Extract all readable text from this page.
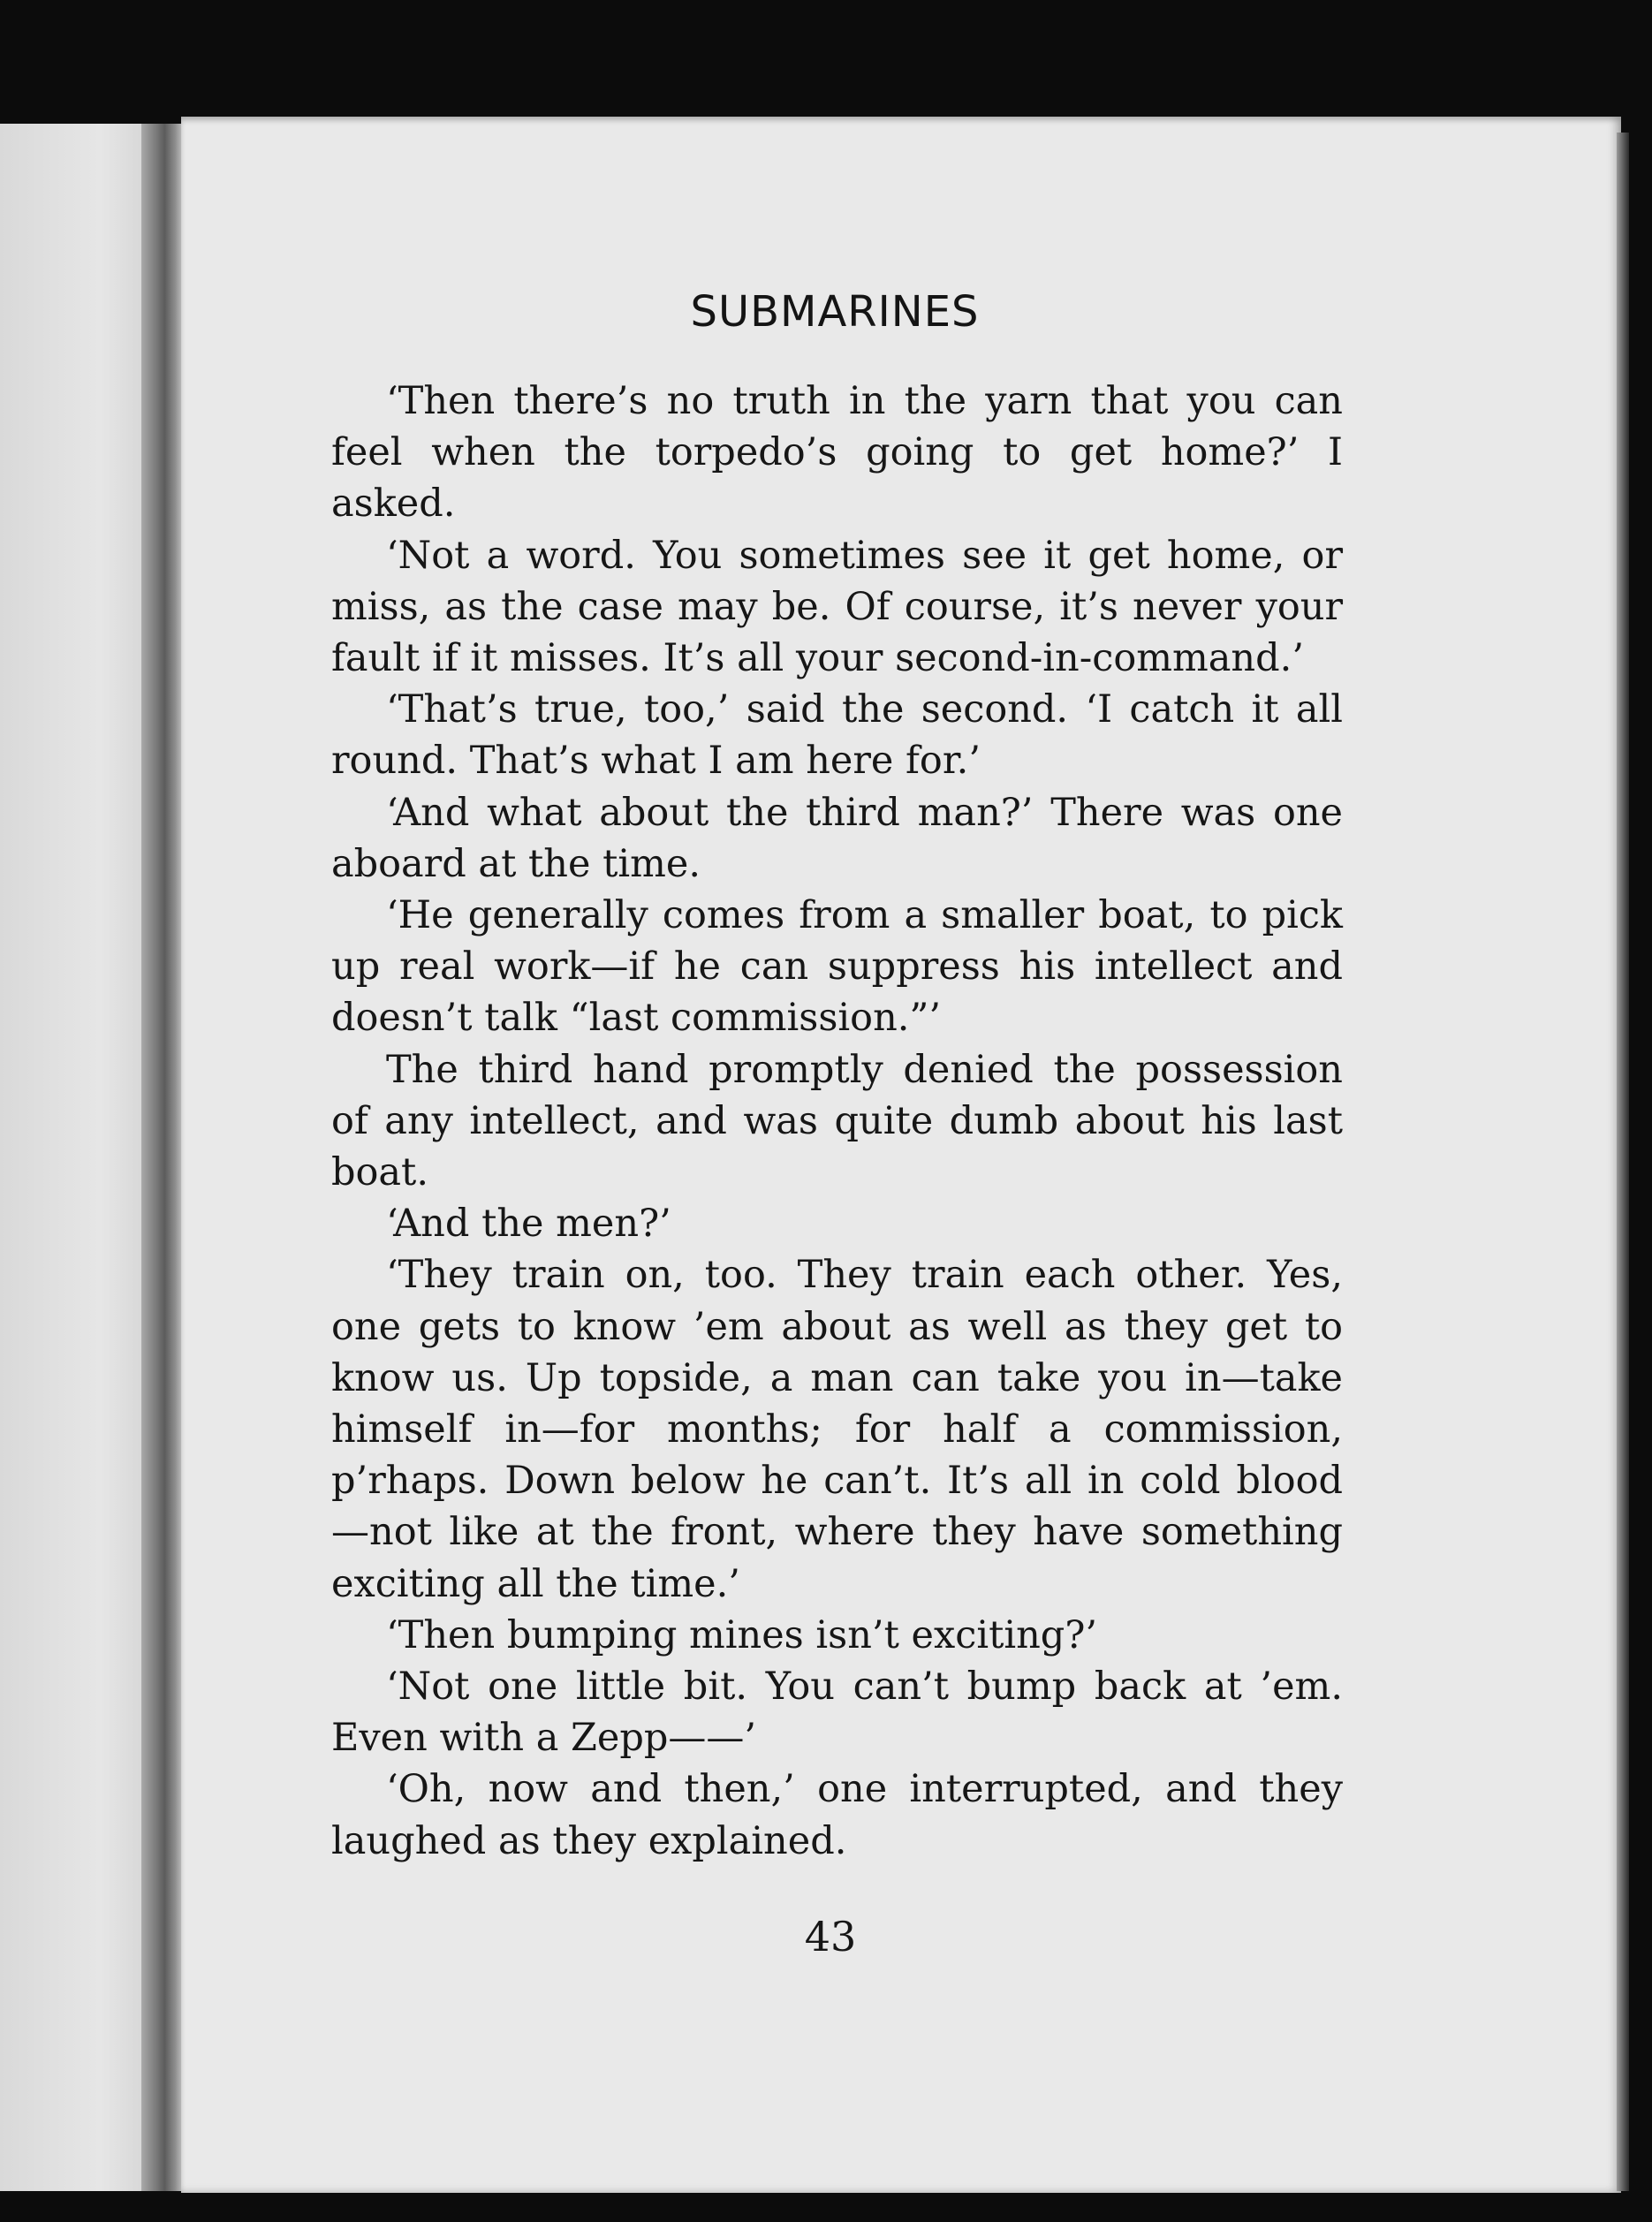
SUBMARINES

‘Then there’s no truth in the yarn that you can feel when the torpedo’s going to get home?’ I asked.

‘Not a word. You sometimes see it get home, or miss, as the case may be. Of course, it’s never your fault if it misses. It’s all your second-in-command.’

‘That’s true, too,’ said the second. ‘I catch it all round. That’s what I am here for.’

‘And what about the third man?’ There was one aboard at the time.

‘He generally comes from a smaller boat, to pick up real work—if he can suppress his intellect and doesn’t talk “last commission.”’

The third hand promptly denied the possession of any intellect, and was quite dumb about his last boat.

‘And the men?’

‘They train on, too. They train each other. Yes, one gets to know ’em about as well as they get to know us. Up topside, a man can take you in—take himself in—for months; for half a commission, p’rhaps. Down below he can’t. It’s all in cold blood—not like at the front, where they have something exciting all the time.’

‘Then bumping mines isn’t exciting?’

‘Not one little bit. You can’t bump back at ’em. Even with a Zepp——’

‘Oh, now and then,’ one interrupted, and they laughed as they explained.

43
